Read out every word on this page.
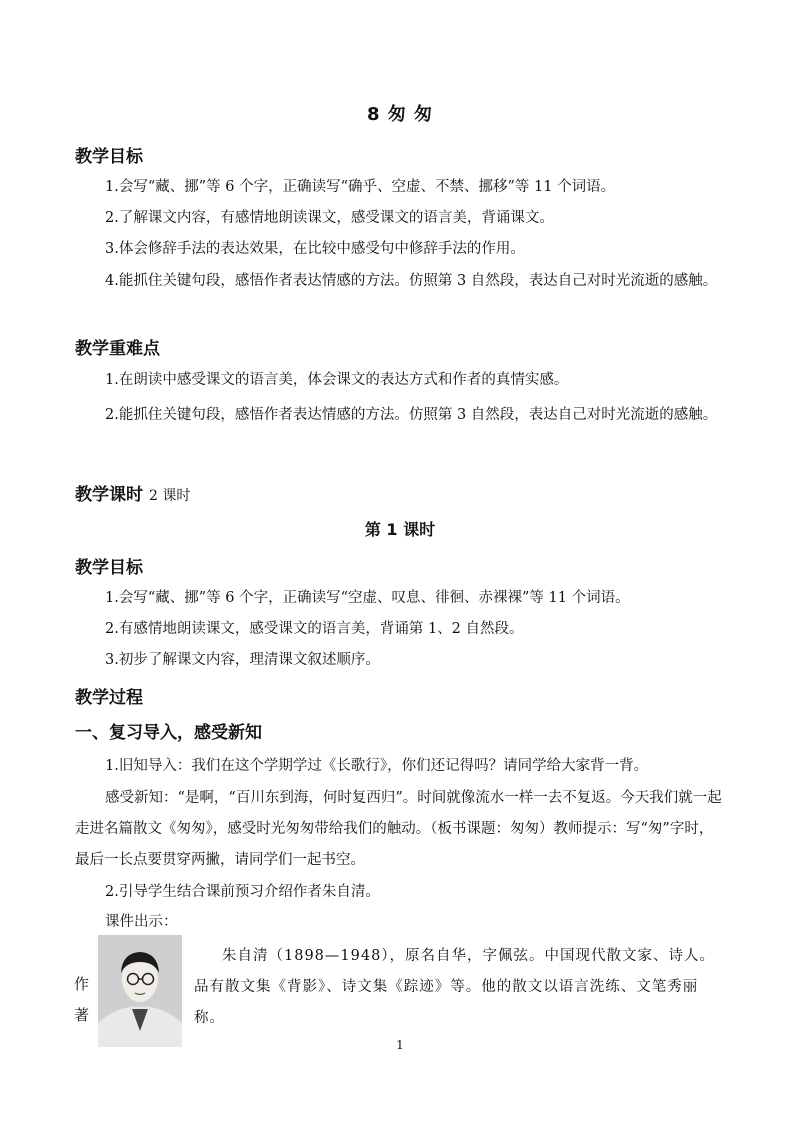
8 匆 匆
教学目标

1.会写“藏、挪”等 6 个字，正确读写“确乎、空虚、不禁、挪移”等 11 个词语。

2.了解课文内容，有感情地朗读课文，感受课文的语言美，背诵课文。

3.体会修辞手法的表达效果，在比较中感受句中修辞手法的作用。

4.能抓住关键句段，感悟作者表达情感的方法。仿照第 3 自然段，表达自己对时光流逝的感触。

教学重难点

1.在朗读中感受课文的语言美，体会课文的表达方式和作者的真情实感。

2.能抓住关键句段，感悟作者表达情感的方法。仿照第 3 自然段，表达自己对时光流逝的感触。

教学课时 2 课时
第 1 课时
教学目标

1.会写“藏、挪”等 6 个字，正确读写“空虚、叹息、徘徊、赤裸裸”等 11 个词语。

2.有感情地朗读课文，感受课文的语言美，背诵第 1、2 自然段。

3.初步了解课文内容，理清课文叙述顺序。

教学过程
一、复习导入，感受新知

1.旧知导入：我们在这个学期学过《长歌行》，你们还记得吗？请同学给大家背一背。

感受新知：“是啊，“百川东到海，何时复西归”。时间就像流水一样一去不复返。今天我们就一起走进名篇散文《匆匆》，感受时光匆匆带给我们的触动。（板书课题：匆匆）教师提示：写“匆”字时，最后一长点要贯穿两撇，请同学们一起书空。

2.引导学生结合课前预习介绍作者朱自清。

课件出示：

作
著
朱自清（1898—1948），原名自华，字佩弦。中国现代散文家、诗人。品有散文集《背影》、诗文集《踪迹》等。他的散文以语言洗练、文笔秀丽称。
1
